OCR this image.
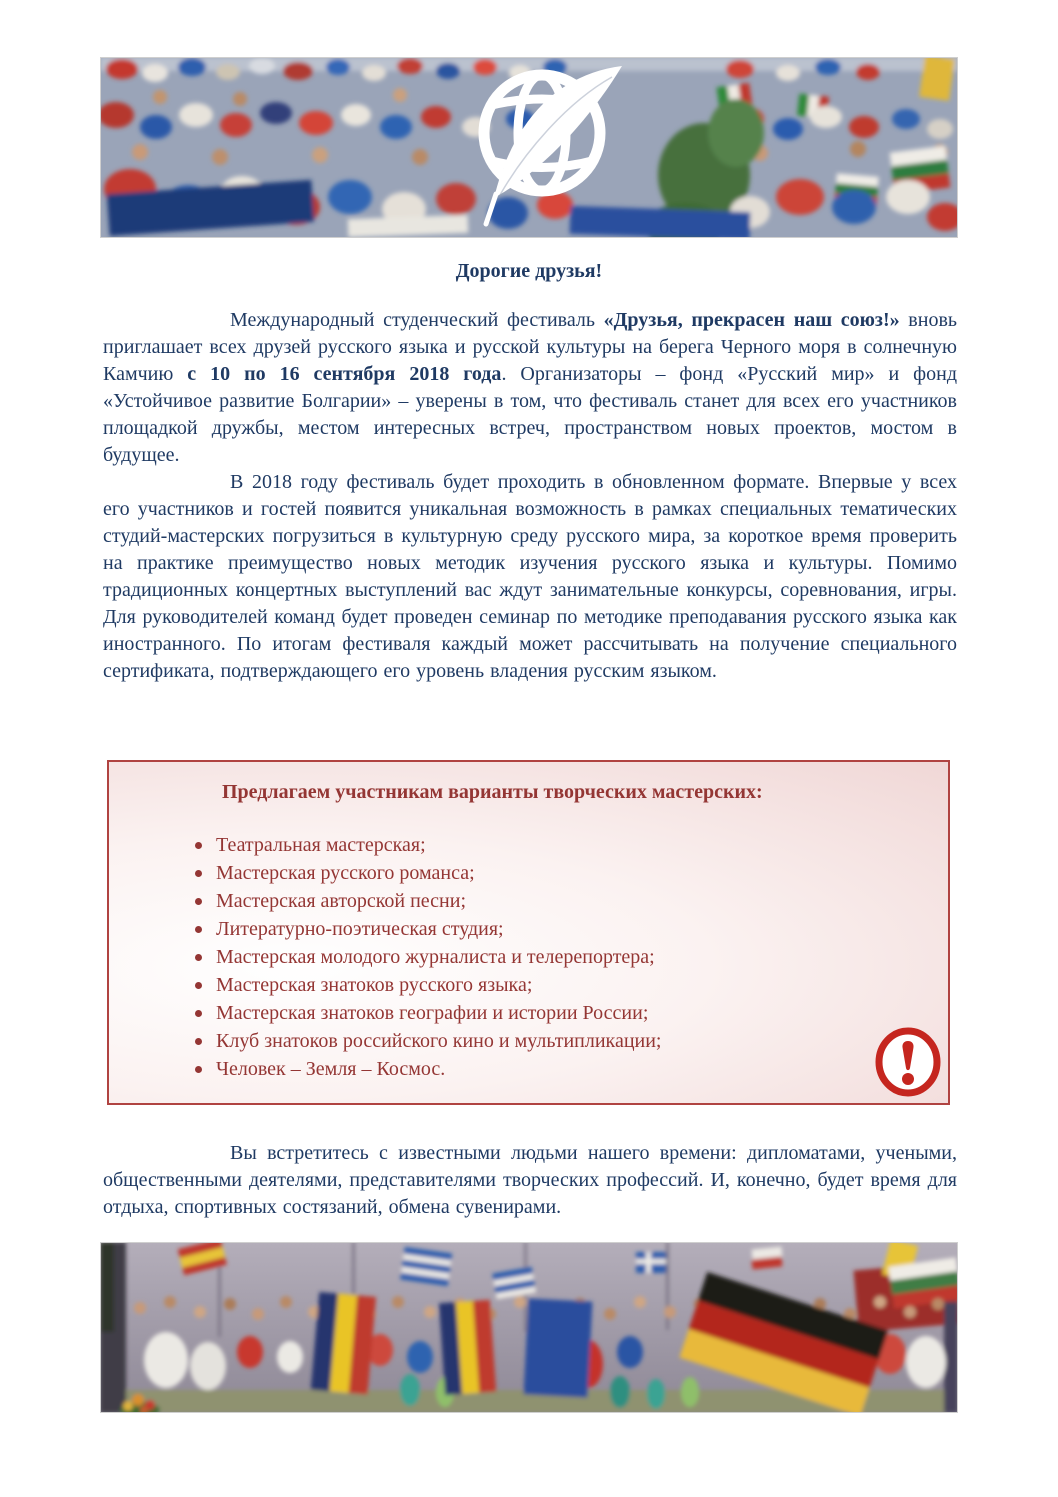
Дорогие друзья!

Международный студенческий фестиваль «Друзья, прекрасен наш союз!» вновь приглашает всех друзей русского языка и русской культуры на берега Черного моря в солнечную Камчию с 10 по 16 сентября 2018 года. Организаторы – фонд «Русский мир» и фонд «Устойчивое развитие Болгарии» – уверены в том, что фестиваль станет для всех его участников площадкой дружбы, местом интересных встреч, пространством новых проектов, мостом в будущее.

В 2018 году фестиваль будет проходить в обновленном формате. Впервые у всех его участников и гостей появится уникальная возможность в рамках специальных тематических студий-мастерских погрузиться в культурную среду русского мира, за короткое время проверить на практике преимущество новых методик изучения русского языка и культуры. Помимо традиционных концертных выступлений вас ждут занимательные конкурсы, соревнования, игры. Для руководителей команд будет проведен семинар по методике преподавания русского языка как иностранного. По итогам фестиваля каждый может рассчитывать на получение специального сертификата, подтверждающего его уровень владения русским языком.

Предлагаем участникам варианты творческих мастерских:
Театральная мастерская;
Мастерская русского романса;
Мастерская авторской песни;
Литературно-поэтическая студия;
Мастерская молодого журналиста и телерепортера;
Мастерская знатоков русского языка;
Мастерская знатоков географии и истории России;
Клуб знатоков российского кино и мультипликации;
Человек – Земля – Космос.

Вы встретитесь с известными людьми нашего времени: дипломатами, учеными, общественными деятелями, представителями творческих профессий. И, конечно, будет время для отдыха, спортивных состязаний, обмена сувенирами.
